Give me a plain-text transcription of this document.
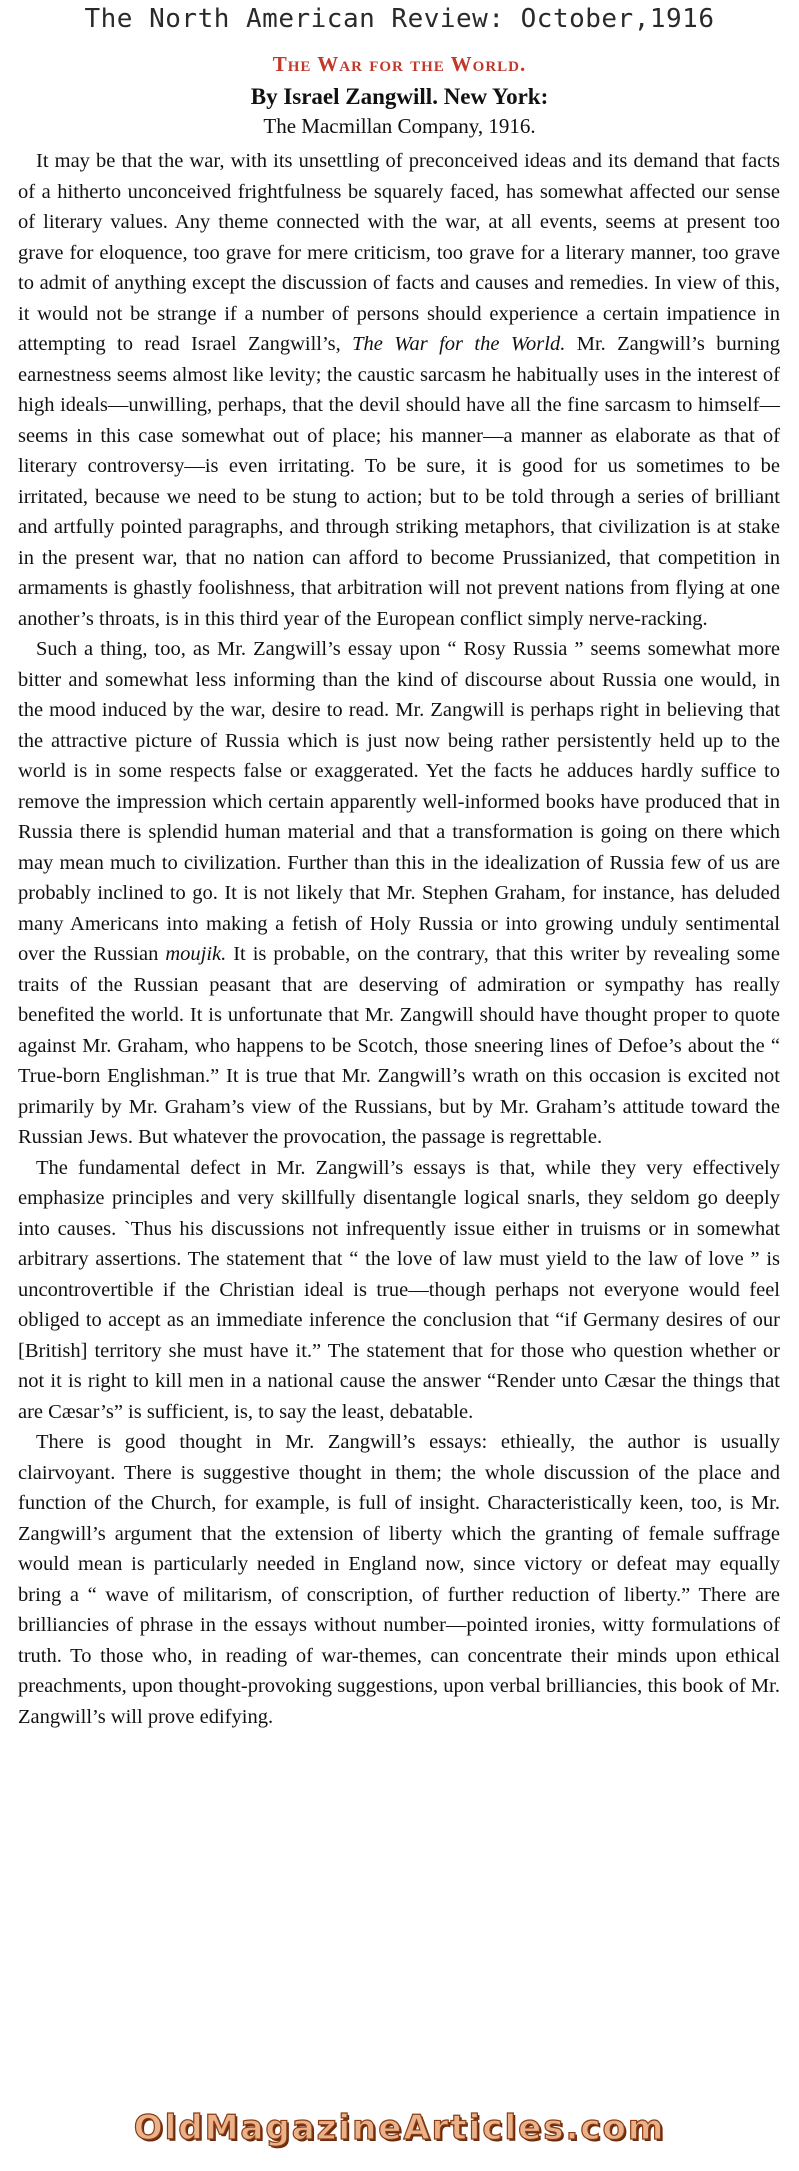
The North American Review: October,1916
The War for the World.
By Israel Zangwill. New York:
The Macmillan Company, 1916.

It may be that the war, with its unsettling of preconceived ideas and its demand that facts of a hitherto unconceived frightfulness be squarely faced, has somewhat affected our sense of literary values. Any theme connected with the war, at all events, seems at present too grave for eloquence, too grave for mere criticism, too grave for a literary manner, too grave to admit of anything except the discussion of facts and causes and remedies. In view of this, it would not be strange if a number of persons should experience a certain impatience in attempting to read Israel Zangwill’s, The War for the World. Mr. Zangwill’s burning earnestness seems almost like levity; the caustic sarcasm he habitually uses in the interest of high ideals—unwilling, perhaps, that the devil should have all the fine sarcasm to himself—seems in this case somewhat out of place; his manner—a manner as elaborate as that of literary controversy—is even irritating. To be sure, it is good for us sometimes to be irritated, because we need to be stung to action; but to be told through a series of brilliant and artfully pointed paragraphs, and through striking metaphors, that civilization is at stake in the present war, that no nation can afford to become Prussianized, that competition in armaments is ghastly foolishness, that arbitration will not prevent nations from flying at one another’s throats, is in this third year of the European conflict simply nerve-racking.

Such a thing, too, as Mr. Zangwill’s essay upon “ Rosy Russia ” seems somewhat more bitter and somewhat less informing than the kind of discourse about Russia one would, in the mood induced by the war, desire to read. Mr. Zangwill is perhaps right in believing that the attractive picture of Russia which is just now being rather persistently held up to the world is in some respects false or exaggerated. Yet the facts he adduces hardly suffice to remove the impression which certain apparently well-informed books have produced that in Russia there is splendid human material and that a transformation is going on there which may mean much to civilization. Further than this in the idealization of Russia few of us are probably inclined to go. It is not likely that Mr. Stephen Graham, for instance, has deluded many Americans into making a fetish of Holy Russia or into growing unduly sentimental over the Russian moujik. It is probable, on the contrary, that this writer by revealing some traits of the Russian peasant that are deserving of admiration or sympathy has really benefited the world. It is unfortunate that Mr. Zangwill should have thought proper to quote against Mr. Graham, who happens to be Scotch, those sneering lines of Defoe’s about the “ True-born Englishman.” It is true that Mr. Zangwill’s wrath on this occasion is excited not primarily by Mr. Graham’s view of the Russians, but by Mr. Graham’s attitude toward the Russian Jews. But whatever the provocation, the passage is regrettable.

The fundamental defect in Mr. Zangwill’s essays is that, while they very effectively emphasize principles and very skillfully disentangle logical snarls, they seldom go deeply into causes. `Thus his discussions not infrequently issue either in truisms or in somewhat arbitrary assertions. The statement that “ the love of law must yield to the law of love ” is uncontrovertible if the Christian ideal is true—though perhaps not everyone would feel obliged to accept as an immediate inference the conclusion that “if Germany desires of our [British] territory she must have it.” The statement that for those who question whether or not it is right to kill men in a national cause the answer “Render unto Cæsar the things that are Cæsar’s” is sufficient, is, to say the least, debatable.

There is good thought in Mr. Zangwill’s essays: ethieally, the author is usually clairvoyant. There is suggestive thought in them; the whole discussion of the place and function of the Church, for example, is full of insight. Characteristically keen, too, is Mr. Zangwill’s argument that the extension of liberty which the granting of female suffrage would mean is particularly needed in England now, since victory or defeat may equally bring a “ wave of militarism, of conscription, of further reduction of liberty.” There are brilliancies of phrase in the essays without number—pointed ironies, witty formulations of truth. To those who, in reading of war-themes, can concentrate their minds upon ethical preachments, upon thought-provoking suggestions, upon verbal brilliancies, this book of Mr. Zangwill’s will prove edifying.

OldMagazineArticles.com
